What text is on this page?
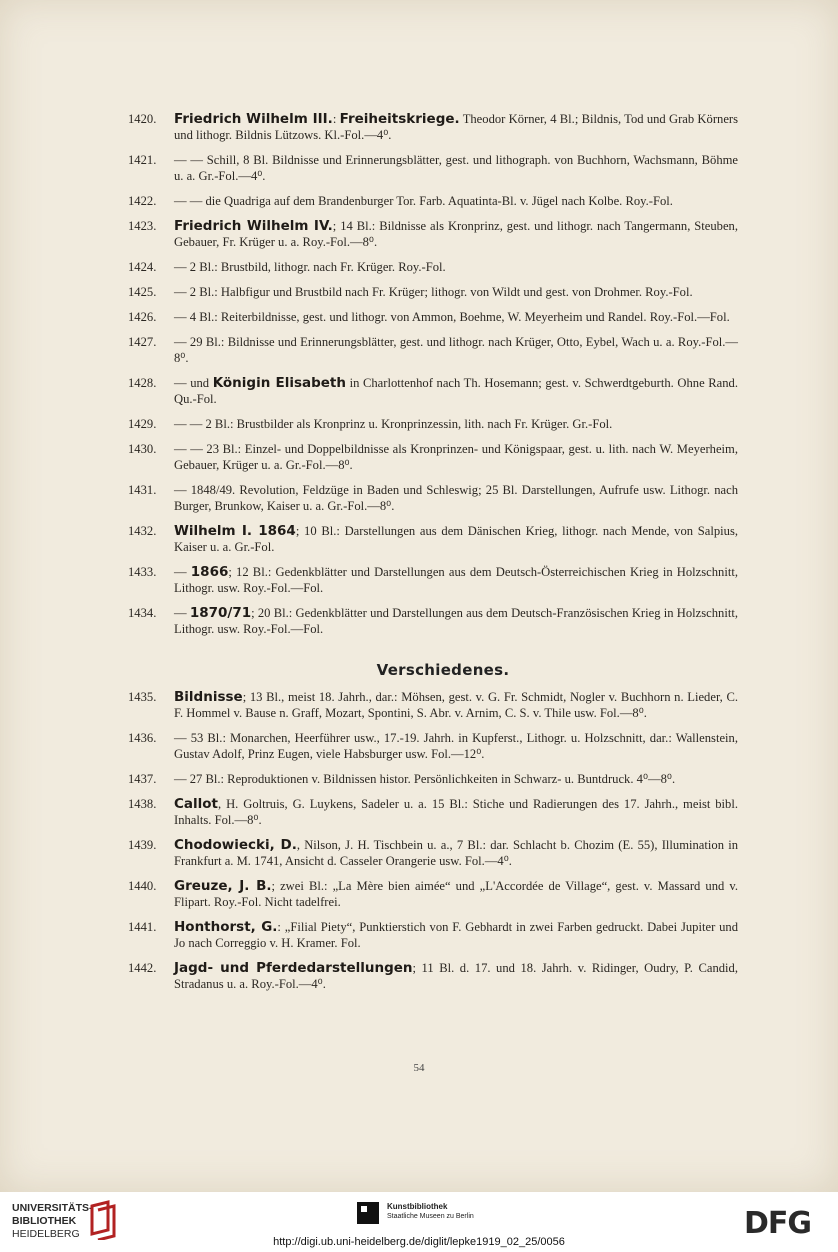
1420.	Friedrich Wilhelm III.: Freiheitskriege. Theodor Körner, 4 Bl.; Bildnis, Tod und Grab Körners und lithogr. Bildnis Lützows. Kl.-Fol.—4⁰.
1421.	— — Schill, 8 Bl. Bildnisse und Erinnerungsblätter, gest. und lithograph. von Buchhorn, Wachsmann, Böhme u. a. Gr.-Fol.—4⁰.
1422.	— — die Quadriga auf dem Brandenburger Tor. Farb. Aquatinta-Bl. v. Jügel nach Kolbe. Roy.-Fol.
1423.	Friedrich Wilhelm IV.; 14 Bl.: Bildnisse als Kronprinz, gest. und lithogr. nach Tangermann, Steuben, Gebauer, Fr. Krüger u. a. Roy.-Fol.—8⁰.
1424.	— 2 Bl.: Brustbild, lithogr. nach Fr. Krüger. Roy.-Fol.
1425.	— 2 Bl.: Halbfigur und Brustbild nach Fr. Krüger; lithogr. von Wildt und gest. von Drohmer. Roy.-Fol.
1426.	— 4 Bl.: Reiterbildnisse, gest. und lithogr. von Ammon, Boehme, W. Meyerheim und Randel. Roy.-Fol.—Fol.
1427.	— 29 Bl.: Bildnisse und Erinnerungsblätter, gest. und lithogr. nach Krüger, Otto, Eybel, Wach u. a. Roy.-Fol.—8⁰.
1428.	— und Königin Elisabeth in Charlottenhof nach Th. Hosemann; gest. v. Schwerdtgeburth. Ohne Rand. Qu.-Fol.
1429.	— — 2 Bl.: Brustbilder als Kronprinz u. Kronprinzessin, lith. nach Fr. Krüger. Gr.-Fol.
1430.	— — 23 Bl.: Einzel- und Doppelbildnisse als Kronprinzen- und Königspaar, gest. u. lith. nach W. Meyerheim, Gebauer, Krüger u. a. Gr.-Fol.—8⁰.
1431.	— 1848/49. Revolution, Feldzüge in Baden und Schleswig; 25 Bl. Darstellungen, Aufrufe usw. Lithogr. nach Burger, Brunkow, Kaiser u. a. Gr.-Fol.—8⁰.
1432.	Wilhelm I. 1864; 10 Bl.: Darstellungen aus dem Dänischen Krieg, lithogr. nach Mende, von Salpius, Kaiser u. a. Gr.-Fol.
1433.	— 1866; 12 Bl.: Gedenkblätter und Darstellungen aus dem Deutsch-Österreichischen Krieg in Holzschnitt, Lithogr. usw. Roy.-Fol.—Fol.
1434.	— 1870/71; 20 Bl.: Gedenkblätter und Darstellungen aus dem Deutsch-Französischen Krieg in Holzschnitt, Lithogr. usw. Roy.-Fol.—Fol.
Verschiedenes.
1435.	Bildnisse; 13 Bl., meist 18. Jahrh., dar.: Möhsen, gest. v. G. Fr. Schmidt, Nogler v. Buchhorn n. Lieder, C. F. Hommel v. Bause n. Graff, Mozart, Spontini, S. Abr. v. Arnim, C. S. v. Thile usw. Fol.—8⁰.
1436.	— 53 Bl.: Monarchen, Heerführer usw., 17.-19. Jahrh. in Kupferst., Lithogr. u. Holzschnitt, dar.: Wallenstein, Gustav Adolf, Prinz Eugen, viele Habsburger usw. Fol.—12⁰.
1437.	— 27 Bl.: Reproduktionen v. Bildnissen histor. Persönlichkeiten in Schwarz- u. Buntdruck. 4⁰—8⁰.
1438.	Callot, H. Goltruis, G. Luykens, Sadeler u. a. 15 Bl.: Stiche und Radierungen des 17. Jahrh., meist bibl. Inhalts. Fol.—8⁰.
1439.	Chodowiecki, D., Nilson, J. H. Tischbein u. a., 7 Bl.: dar. Schlacht b. Chozim (E. 55), Illumination in Frankfurt a. M. 1741, Ansicht d. Casseler Orangerie usw. Fol.—4⁰.
1440.	Greuze, J. B.; zwei Bl.: „La Mère bien aimée“ und „L'Accordée de Village“, gest. v. Massard und v. Flipart. Roy.-Fol. Nicht tadelfrei.
1441.	Honthorst, G.: „Filial Piety“, Punktierstich von F. Gebhardt in zwei Farben gedruckt. Dabei Jupiter und Jo nach Correggio v. H. Kramer. Fol.
1442.	Jagd- und Pferdedarstellungen; 11 Bl. d. 17. und 18. Jahrh. v. Ridinger, Oudry, P. Candid, Stradanus u. a. Roy.-Fol.—4⁰.
54
UNIVERSITÄTS-
BIBLIOTHEK
HEIDELBERG
Kunstbibliothek
Staatliche Museen zu Berlin	DFG
http://digi.ub.uni-heidelberg.de/diglit/lepke1919_02_25/0056
